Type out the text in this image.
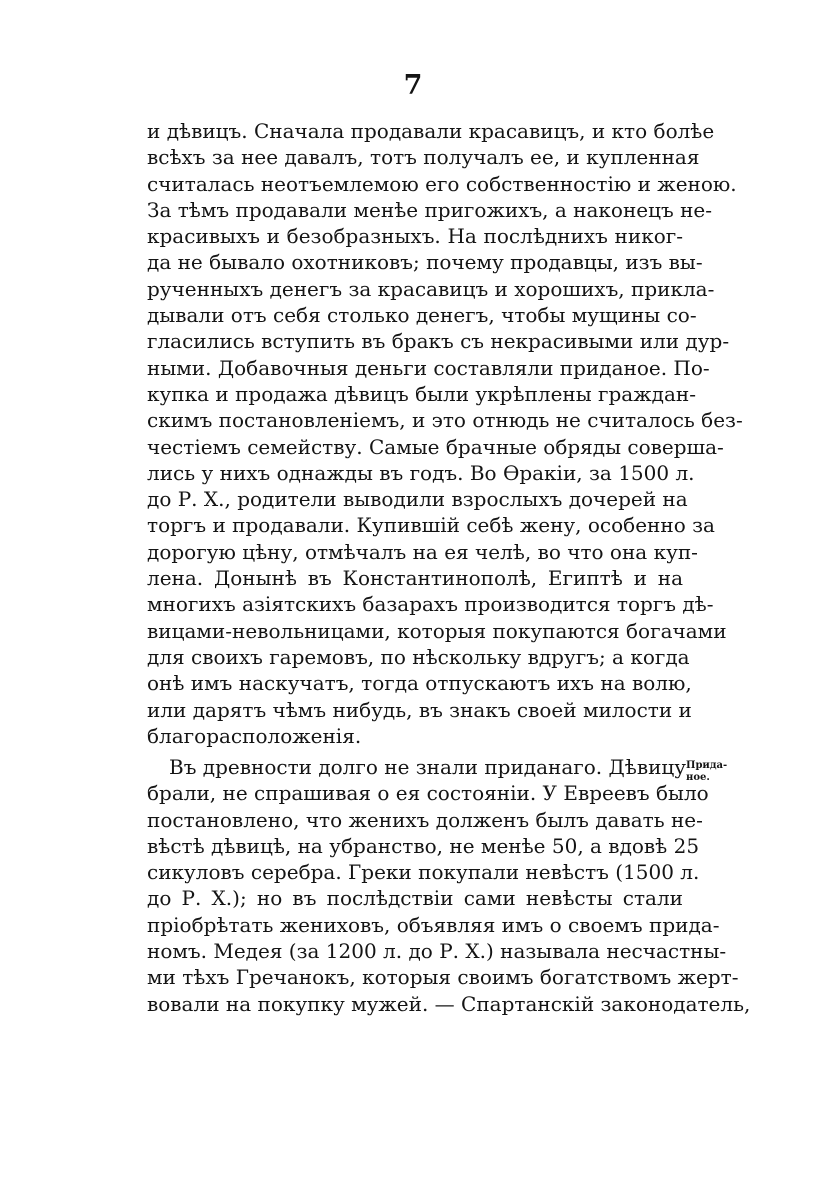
7
и дѣвицъ. Сначала продавали красавицъ, и кто болѣе
всѣхъ за нее давалъ, тотъ получалъ ее, и купленная
считалась неотъемлемою его собственностію и женою.
За тѣмъ продавали менѣе пригожихъ, а наконецъ не-
красивыхъ и безобразныхъ. На послѣднихъ никог-
да не бывало охотниковъ; почему продавцы, изъ вы-
рученныхъ денегъ за красавицъ и хорошихъ, прикла-
дывали отъ себя столько денегъ, чтобы мущины со-
гласились вступить въ бракъ съ некрасивыми или дур-
ными. Добавочныя деньги составляли приданое. По-
купка и продажа дѣвицъ были укрѣплены граждан-
скимъ постановленіемъ, и это отнюдь не считалось без-
честіемъ семейству. Самые брачные обряды соверша-
лись у нихъ однажды въ годъ. Во Ѳракіи, за 1500 л.
до Р. Х., родители выводили взрослыхъ дочерей на
торгъ и продавали. Купившій себѣ жену, особенно за
дорогую цѣну, отмѣчалъ на ея челѣ, во что она куп-
лена. Донынѣ въ Константинополѣ, Египтѣ и на
многихъ азіятскихъ базарахъ производится торгъ дѣ-
вицами-невольницами, которыя покупаются богачами
для своихъ гаремовъ, по нѣскольку вдругъ; а когда
онѣ имъ наскучатъ, тогда отпускаютъ ихъ на волю,
или дарятъ чѣмъ нибудь, въ знакъ своей милости и
благорасположенія.
Прида-
ное.
Въ древности долго не знали приданаго. Дѣвицу
брали, не спрашивая о ея состояніи. У Евреевъ было
постановлено, что женихъ долженъ былъ давать не-
вѣстѣ дѣвицѣ, на убранство, не менѣе 50, а вдовѣ 25
сикуловъ серебра. Греки покупали невѣстъ (1500 л.
до Р. Х.); но въ послѣдствіи сами невѣсты стали
пріобрѣтать жениховъ, объявляя имъ о своемъ прида-
номъ. Медея (за 1200 л. до Р. Х.) называла несчастны-
ми тѣхъ Гречанокъ, которыя своимъ богатствомъ жерт-
вовали на покупку мужей. — Спартанскій законодатель,
